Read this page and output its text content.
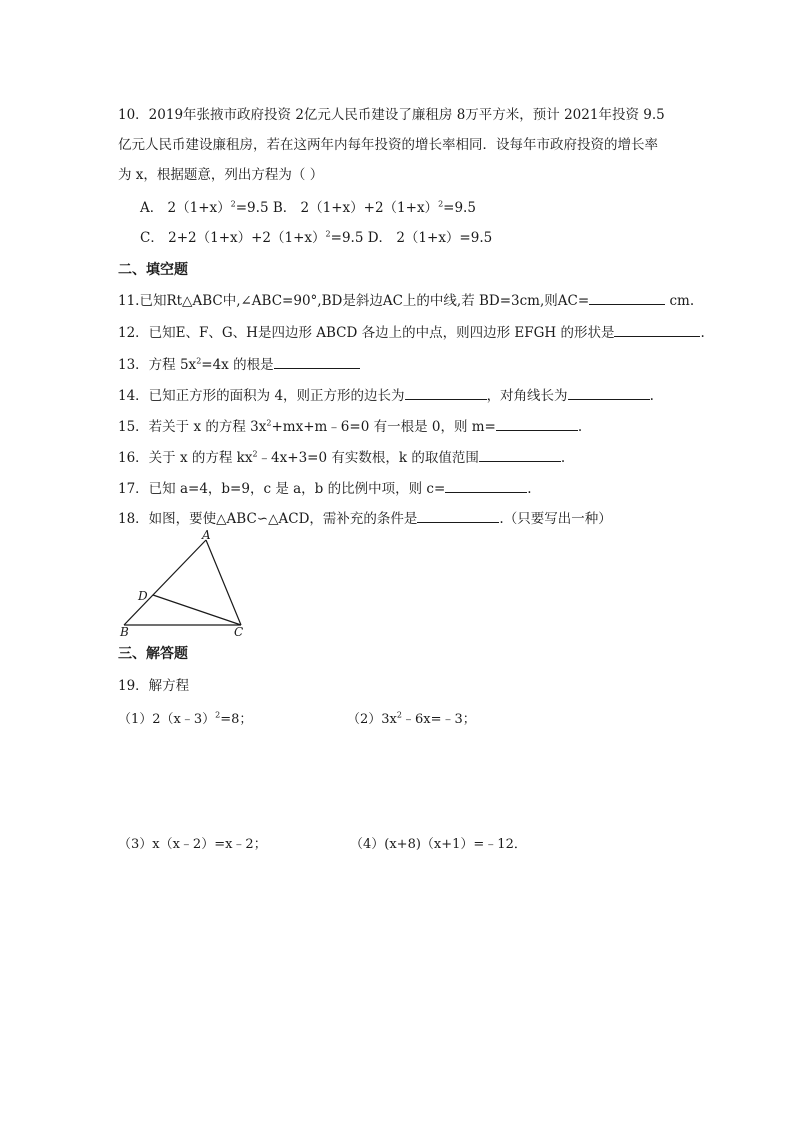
10．2019年张掖市政府投资 2亿元人民币建设了廉租房 8万平方米，预计 2021年投资 9.5
亿元人民币建设廉租房，若在这两年内每年投资的增长率相同．设每年市政府投资的增长率
为 x，根据题意，列出方程为（ ）
A． $2(1+x)^2=9.5$ B． $2(1+x)+2(1+x)^2=9.5$
C． $2+2(1+x)+2(1+x)^2=9.5$ D． 2（1+x）=9.5
二、填空题
11.已知Rt△ABC中,∠ABC=90°,BD是斜边AC上的中线,若 BD=3cm,则AC=	cm.
12．已知E、F、G、H是四边形 ABCD 各边上的中点，则四边形 EFGH 的形状是	.
13．方程 $5x^2=4x$ 的根是
14．已知正方形的面积为 4，则正方形的边长为	，对角线长为	.
15．若关于 x 的方程 $3x^2+mx+m﹣6=0$ 有一根是 0，则 m=	.
16．关于 x 的方程 $kx^2﹣4x+3=0$ 有实数根，k 的取值范围	.
17．已知 a=4，b=9，c 是 a，b 的比例中项，则 c=	.
18．如图，要使△ABC∽△ACD，需补充的条件是	.（只要写出一种）
A
D
B	C
三、解答题
19．解方程
（1）2（x﹣3）$^2$=8；	$(2)3x^2﹣6x=﹣3$；
（3）x（x﹣2）=x﹣2；	（4）(x+8)（x+1）=﹣12．
